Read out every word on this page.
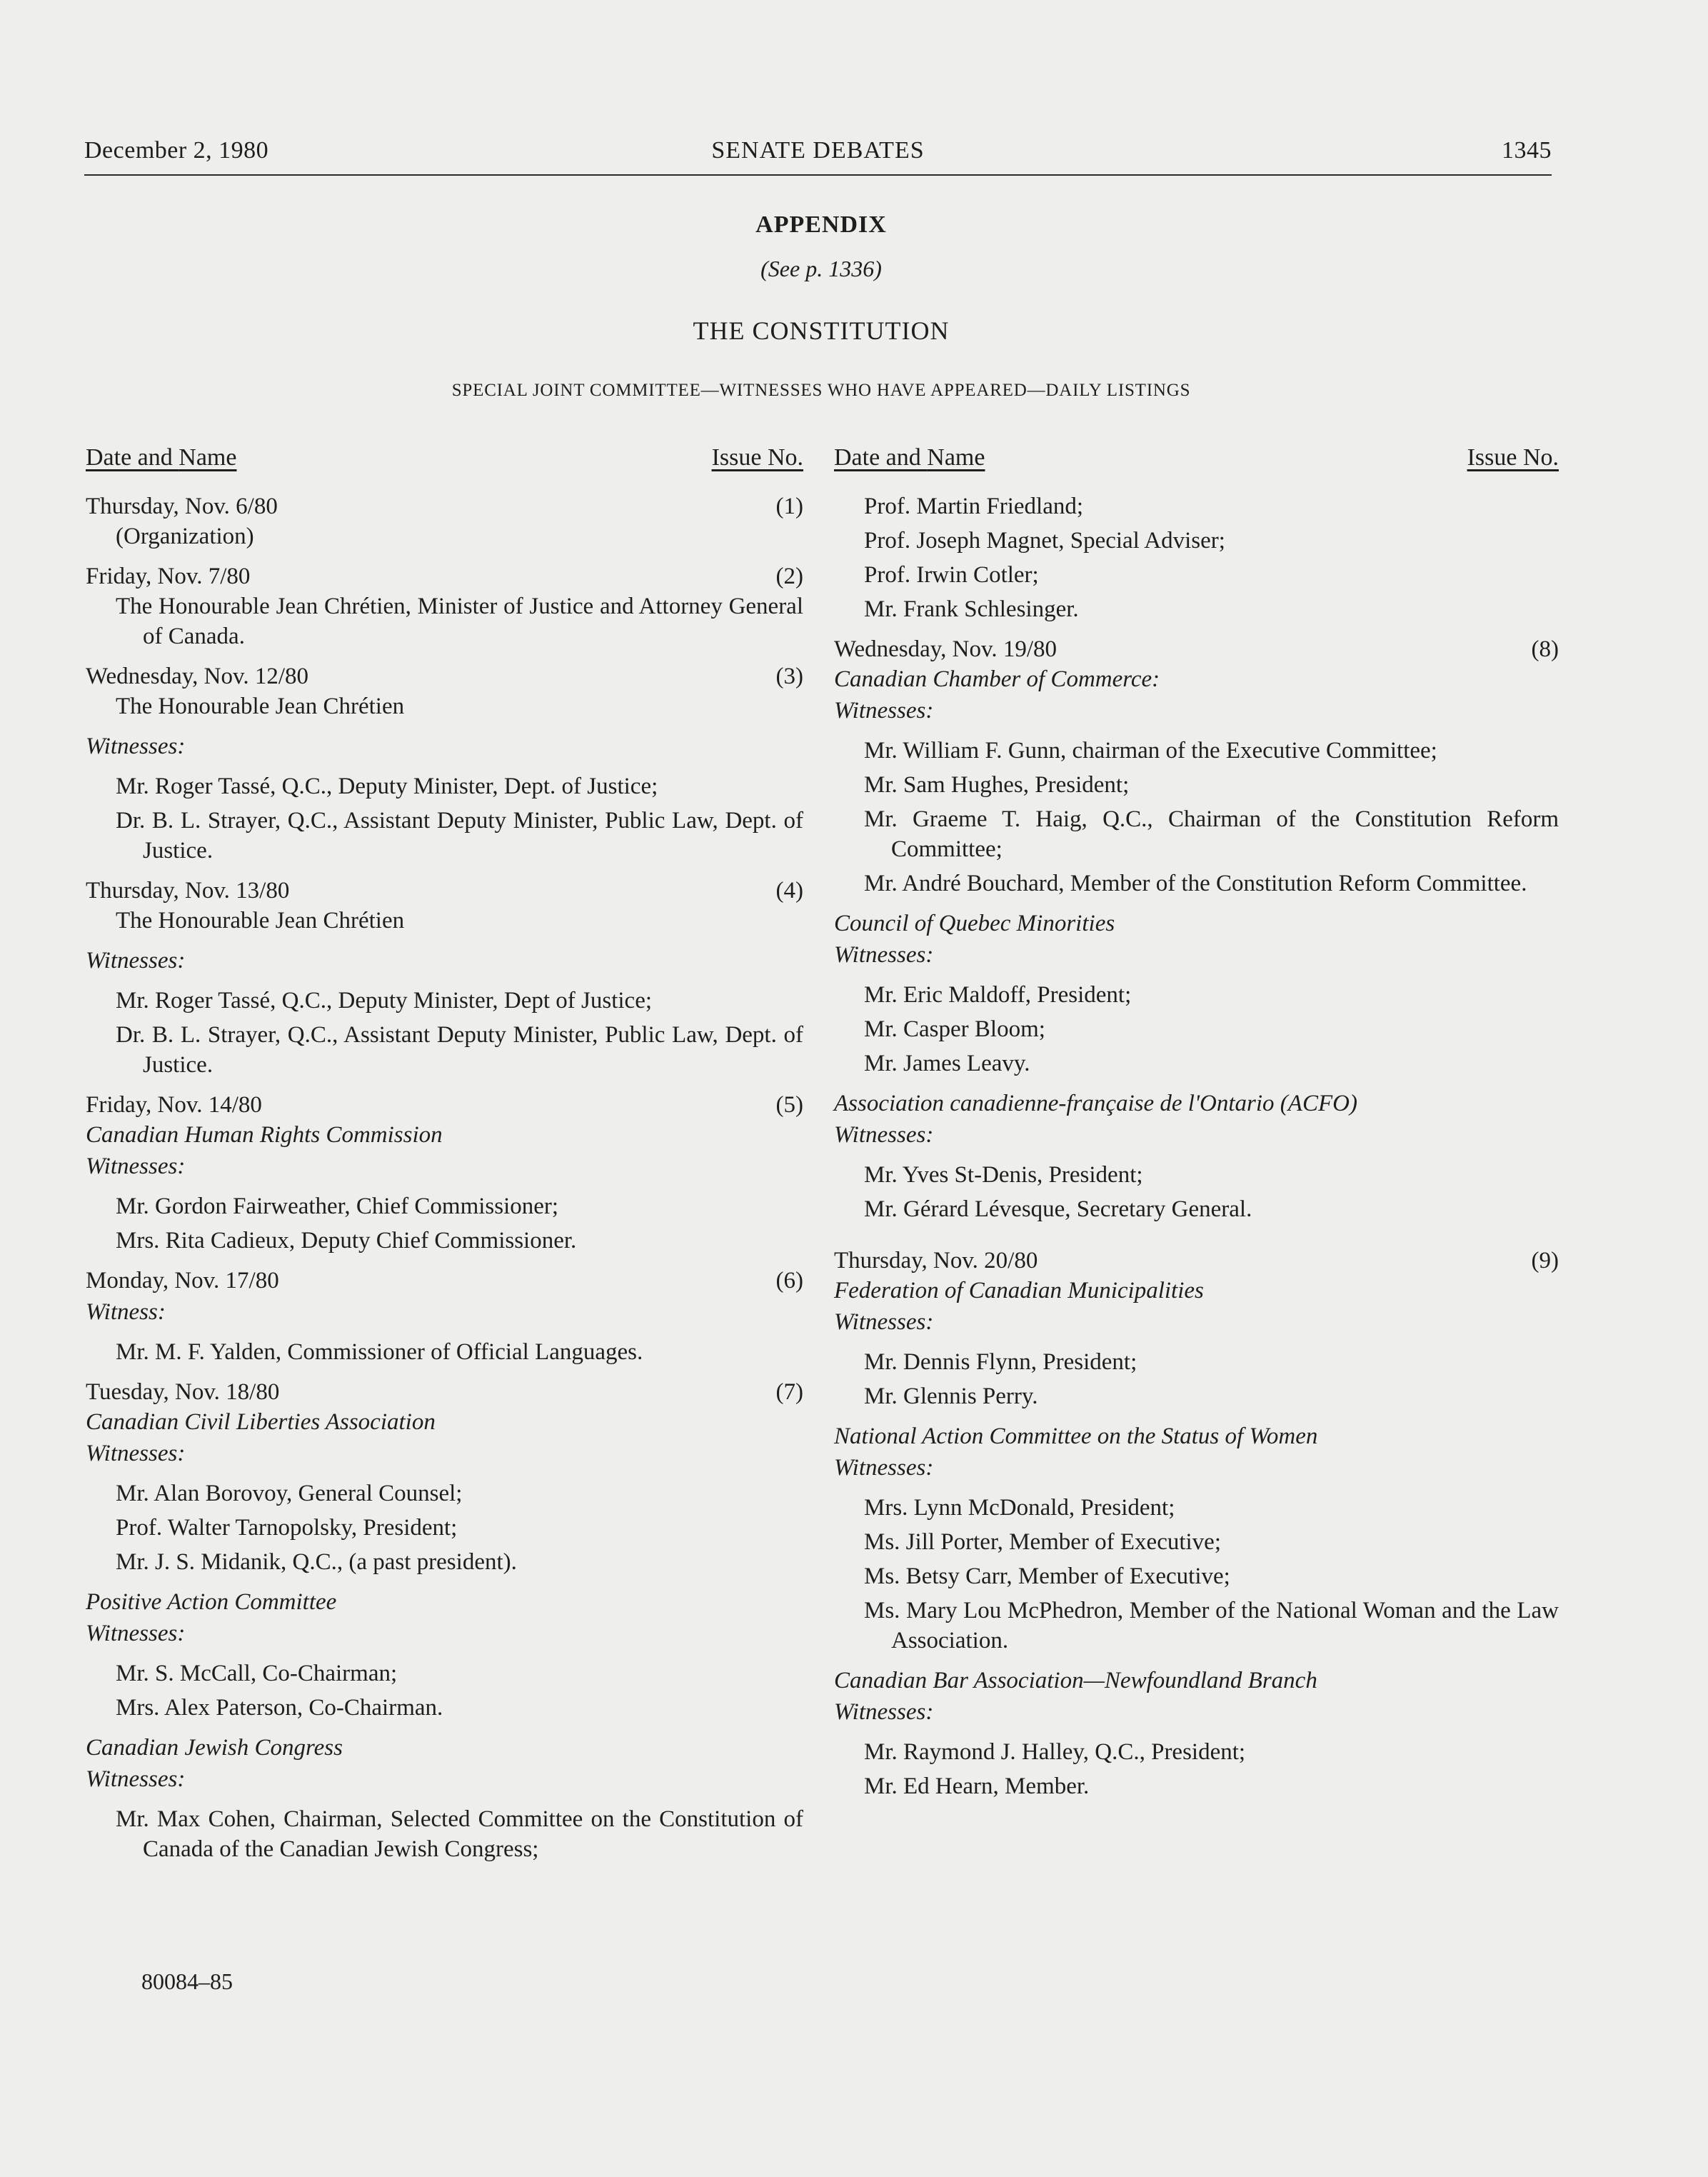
December 2, 1980	SENATE DEBATES	1345
APPENDIX
(See p. 1336)
THE CONSTITUTION
SPECIAL JOINT COMMITTEE—WITNESSES WHO HAVE APPEARED—DAILY LISTINGS
Date and Name	Issue No.
Thursday, Nov. 6/80	(1)
(Organization)
Friday, Nov. 7/80	(2)
The Honourable Jean Chrétien, Minister of Justice and Attorney General of Canada.
Wednesday, Nov. 12/80	(3)
The Honourable Jean Chrétien
Witnesses:
Mr. Roger Tassé, Q.C., Deputy Minister, Dept. of Justice;
Dr. B. L. Strayer, Q.C., Assistant Deputy Minister, Public Law, Dept. of Justice.
Thursday, Nov. 13/80	(4)
The Honourable Jean Chrétien
Witnesses:
Mr. Roger Tassé, Q.C., Deputy Minister, Dept of Justice;
Dr. B. L. Strayer, Q.C., Assistant Deputy Minister, Public Law, Dept. of Justice.
Friday, Nov. 14/80	(5)
Canadian Human Rights Commission
Witnesses:
Mr. Gordon Fairweather, Chief Commissioner;
Mrs. Rita Cadieux, Deputy Chief Commissioner.
Monday, Nov. 17/80	(6)
Witness:
Mr. M. F. Yalden, Commissioner of Official Languages.
Tuesday, Nov. 18/80	(7)
Canadian Civil Liberties Association
Witnesses:
Mr. Alan Borovoy, General Counsel;
Prof. Walter Tarnopolsky, President;
Mr. J. S. Midanik, Q.C., (a past president).
Positive Action Committee
Witnesses:
Mr. S. McCall, Co-Chairman;
Mrs. Alex Paterson, Co-Chairman.
Canadian Jewish Congress
Witnesses:
Mr. Max Cohen, Chairman, Selected Committee on the Constitution of Canada of the Canadian Jewish Congress;
Date and Name	Issue No.
Prof. Martin Friedland;
Prof. Joseph Magnet, Special Adviser;
Prof. Irwin Cotler;
Mr. Frank Schlesinger.
Wednesday, Nov. 19/80	(8)
Canadian Chamber of Commerce:
Witnesses:
Mr. William F. Gunn, chairman of the Executive Committee;
Mr. Sam Hughes, President;
Mr. Graeme T. Haig, Q.C., Chairman of the Constitution Reform Committee;
Mr. André Bouchard, Member of the Constitution Reform Committee.
Council of Quebec Minorities
Witnesses:
Mr. Eric Maldoff, President;
Mr. Casper Bloom;
Mr. James Leavy.
Association canadienne-française de l'Ontario (ACFO)
Witnesses:
Mr. Yves St-Denis, President;
Mr. Gérard Lévesque, Secretary General.
Thursday, Nov. 20/80	(9)
Federation of Canadian Municipalities
Witnesses:
Mr. Dennis Flynn, President;
Mr. Glennis Perry.
National Action Committee on the Status of Women
Witnesses:
Mrs. Lynn McDonald, President;
Ms. Jill Porter, Member of Executive;
Ms. Betsy Carr, Member of Executive;
Ms. Mary Lou McPhedron, Member of the National Woman and the Law Association.
Canadian Bar Association—Newfoundland Branch
Witnesses:
Mr. Raymond J. Halley, Q.C., President;
Mr. Ed Hearn, Member.
80084–85
